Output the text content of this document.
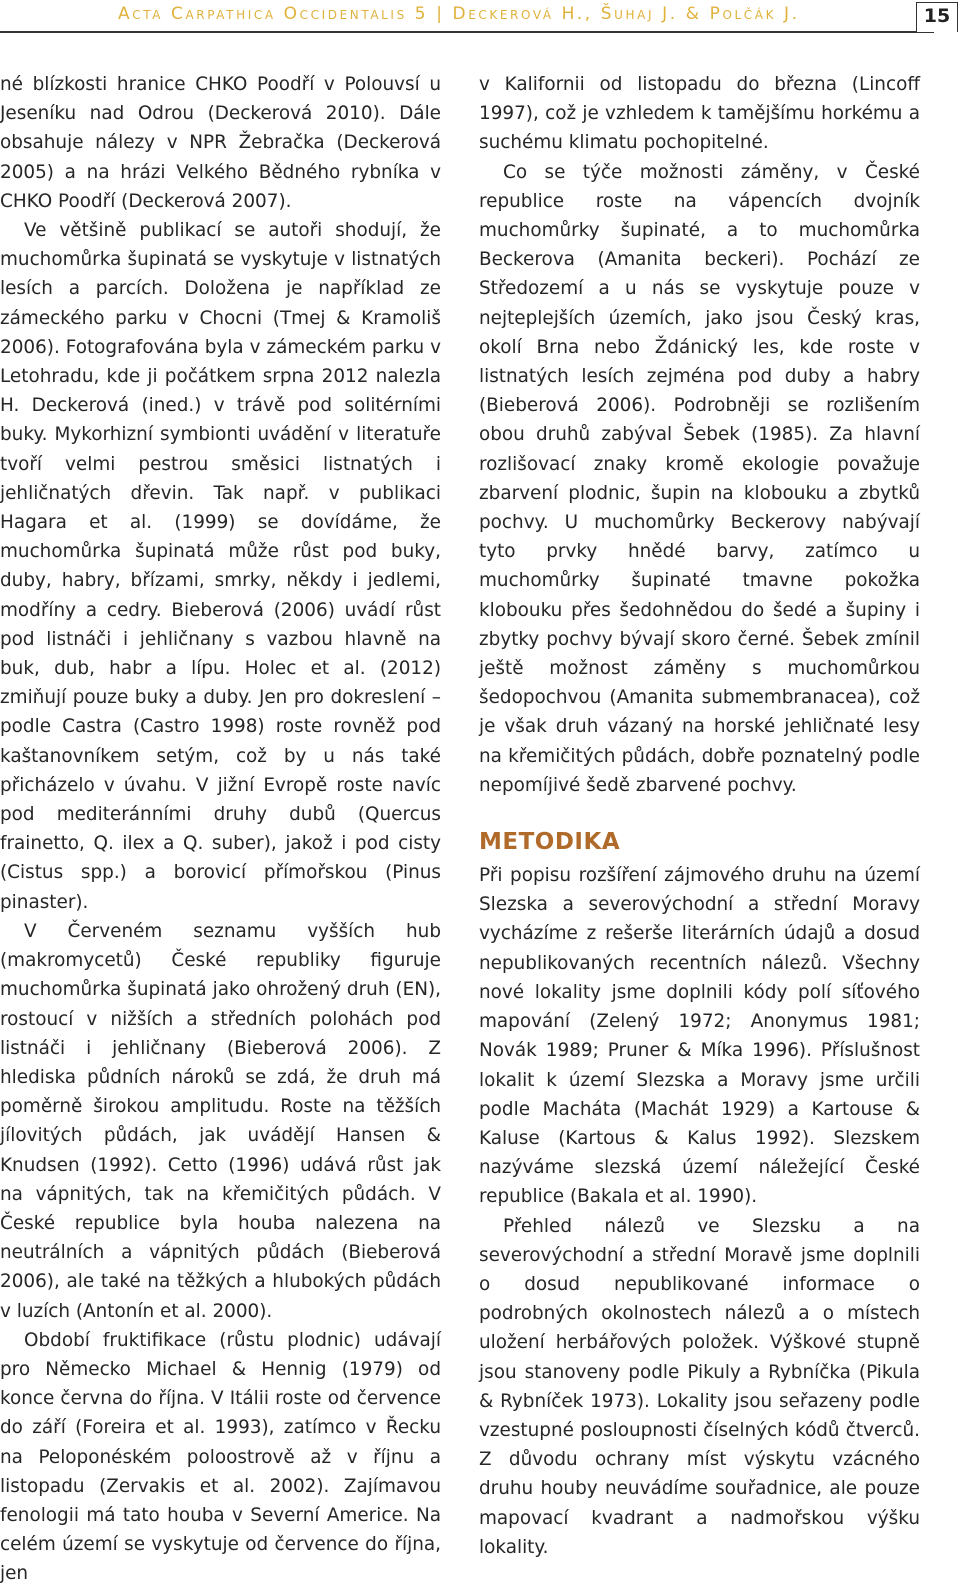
Acta Carpathica Occidentalis 5 | Deckerová H., Šuhaj J. & Polčák J.	15

né blízkosti hranice CHKO Poodří v Polouvsí u Jeseníku nad Odrou (Deckerová 2010). Dále obsahuje nálezy v NPR Žebračka (Deckerová 2005) a na hrázi Velkého Bědného rybníka v CHKO Poodří (Deckerová 2007).

Ve většině publikací se autoři shodují, že muchomůrka šupinatá se vyskytuje v listnatých lesích a parcích. Doložena je například ze zámeckého parku v Chocni (Tmej & Kramoliš 2006). Fotografována byla v zámeckém parku v Letohradu, kde ji počátkem srpna 2012 nalezla H. Deckerová (ined.) v trávě pod solitérními buky. Mykorhizní symbionti uvádění v literatuře tvoří velmi pestrou směsici listnatých i jehličnatých dřevin. Tak např. v publikaci Hagara et al. (1999) se dovídáme, že muchomůrka šupinatá může růst pod buky, duby, habry, břízami, smrky, někdy i jedlemi, modříny a cedry. Bieberová (2006) uvádí růst pod listnáči i jehličnany s vazbou hlavně na buk, dub, habr a lípu. Holec et al. (2012) zmiňují pouze buky a duby. Jen pro dokreslení – podle Castra (Castro 1998) roste rovněž pod kaštanovníkem setým, což by u nás také přicházelo v úvahu. V jižní Evropě roste navíc pod mediteránními druhy dubů (Quercus frainetto, Q. ilex a Q. suber), jakož i pod cisty (Cistus spp.) a borovicí přímořskou (Pinus pinaster).

V Červeném seznamu vyšších hub (makromycetů) České republiky figuruje muchomůrka šupinatá jako ohrožený druh (EN), rostoucí v nižších a středních polohách pod listnáči i jehličnany (Bieberová 2006). Z hlediska půdních nároků se zdá, že druh má poměrně širokou amplitudu. Roste na těžších jílovitých půdách, jak uvádějí Hansen & Knudsen (1992). Cetto (1996) udává růst jak na vápnitých, tak na křemičitých půdách. V České republice byla houba nalezena na neutrálních a vápnitých půdách (Bieberová 2006), ale také na těžkých a hlubokých půdách v luzích (Antonín et al. 2000).

Období fruktifikace (růstu plodnic) udávají pro Německo Michael & Hennig (1979) od konce června do října. V Itálii roste od července do září (Foreira et al. 1993), zatímco v Řecku na Peloponéském poloostrově až v říjnu a listopadu (Zervakis et al. 2002). Zajímavou fenologii má tato houba v Severní Americe. Na celém území se vyskytuje od července do října, jen

v Kalifornii od listopadu do března (Lincoff 1997), což je vzhledem k tamějšímu horkému a suchému klimatu pochopitelné.

Co se týče možnosti záměny, v České republice roste na vápencích dvojník muchomůrky šupinaté, a to muchomůrka Beckerova (Amanita beckeri). Pochází ze Středozemí a u nás se vyskytuje pouze v nejteplejších územích, jako jsou Český kras, okolí Brna nebo Ždánický les, kde roste v listnatých lesích zejména pod duby a habry (Bieberová 2006). Podrobněji se rozlišením obou druhů zabýval Šebek (1985). Za hlavní rozlišovací znaky kromě ekologie považuje zbarvení plodnic, šupin na klobouku a zbytků pochvy. U muchomůrky Beckerovy nabývají tyto prvky hnědé barvy, zatímco u muchomůrky šupinaté tmavne pokožka klobouku přes šedohnědou do šedé a šupiny i zbytky pochvy bývají skoro černé. Šebek zmínil ještě možnost záměny s muchomůrkou šedopochvou (Amanita submembranacea), což je však druh vázaný na horské jehličnaté lesy na křemičitých půdách, dobře poznatelný podle nepomíjivé šedě zbarvené pochvy.

METODIKA

Při popisu rozšíření zájmového druhu na území Slezska a severovýchodní a střední Moravy vycházíme z rešerše literárních údajů a dosud nepublikovaných recentních nálezů. Všechny nové lokality jsme doplnili kódy polí síťového mapování (Zelený 1972; Anonymus 1981; Novák 1989; Pruner & Míka 1996). Příslušnost lokalit k území Slezska a Moravy jsme určili podle Macháta (Machát 1929) a Kartouse & Kaluse (Kartous & Kalus 1992). Slezskem nazýváme slezská území náležející České republice (Bakala et al. 1990).

Přehled nálezů ve Slezsku a na severovýchodní a střední Moravě jsme doplnili o dosud nepublikované informace o podrobných okolnostech nálezů a o místech uložení herbářových položek. Výškové stupně jsou stanoveny podle Pikuly a Rybníčka (Pikula & Rybníček 1973). Lokality jsou seřazeny podle vzestupné posloupnosti číselných kódů čtverců. Z důvodu ochrany míst výskytu vzácného druhu houby neuvádíme souřadnice, ale pouze mapovací kvadrant a nadmořskou výšku lokality.
